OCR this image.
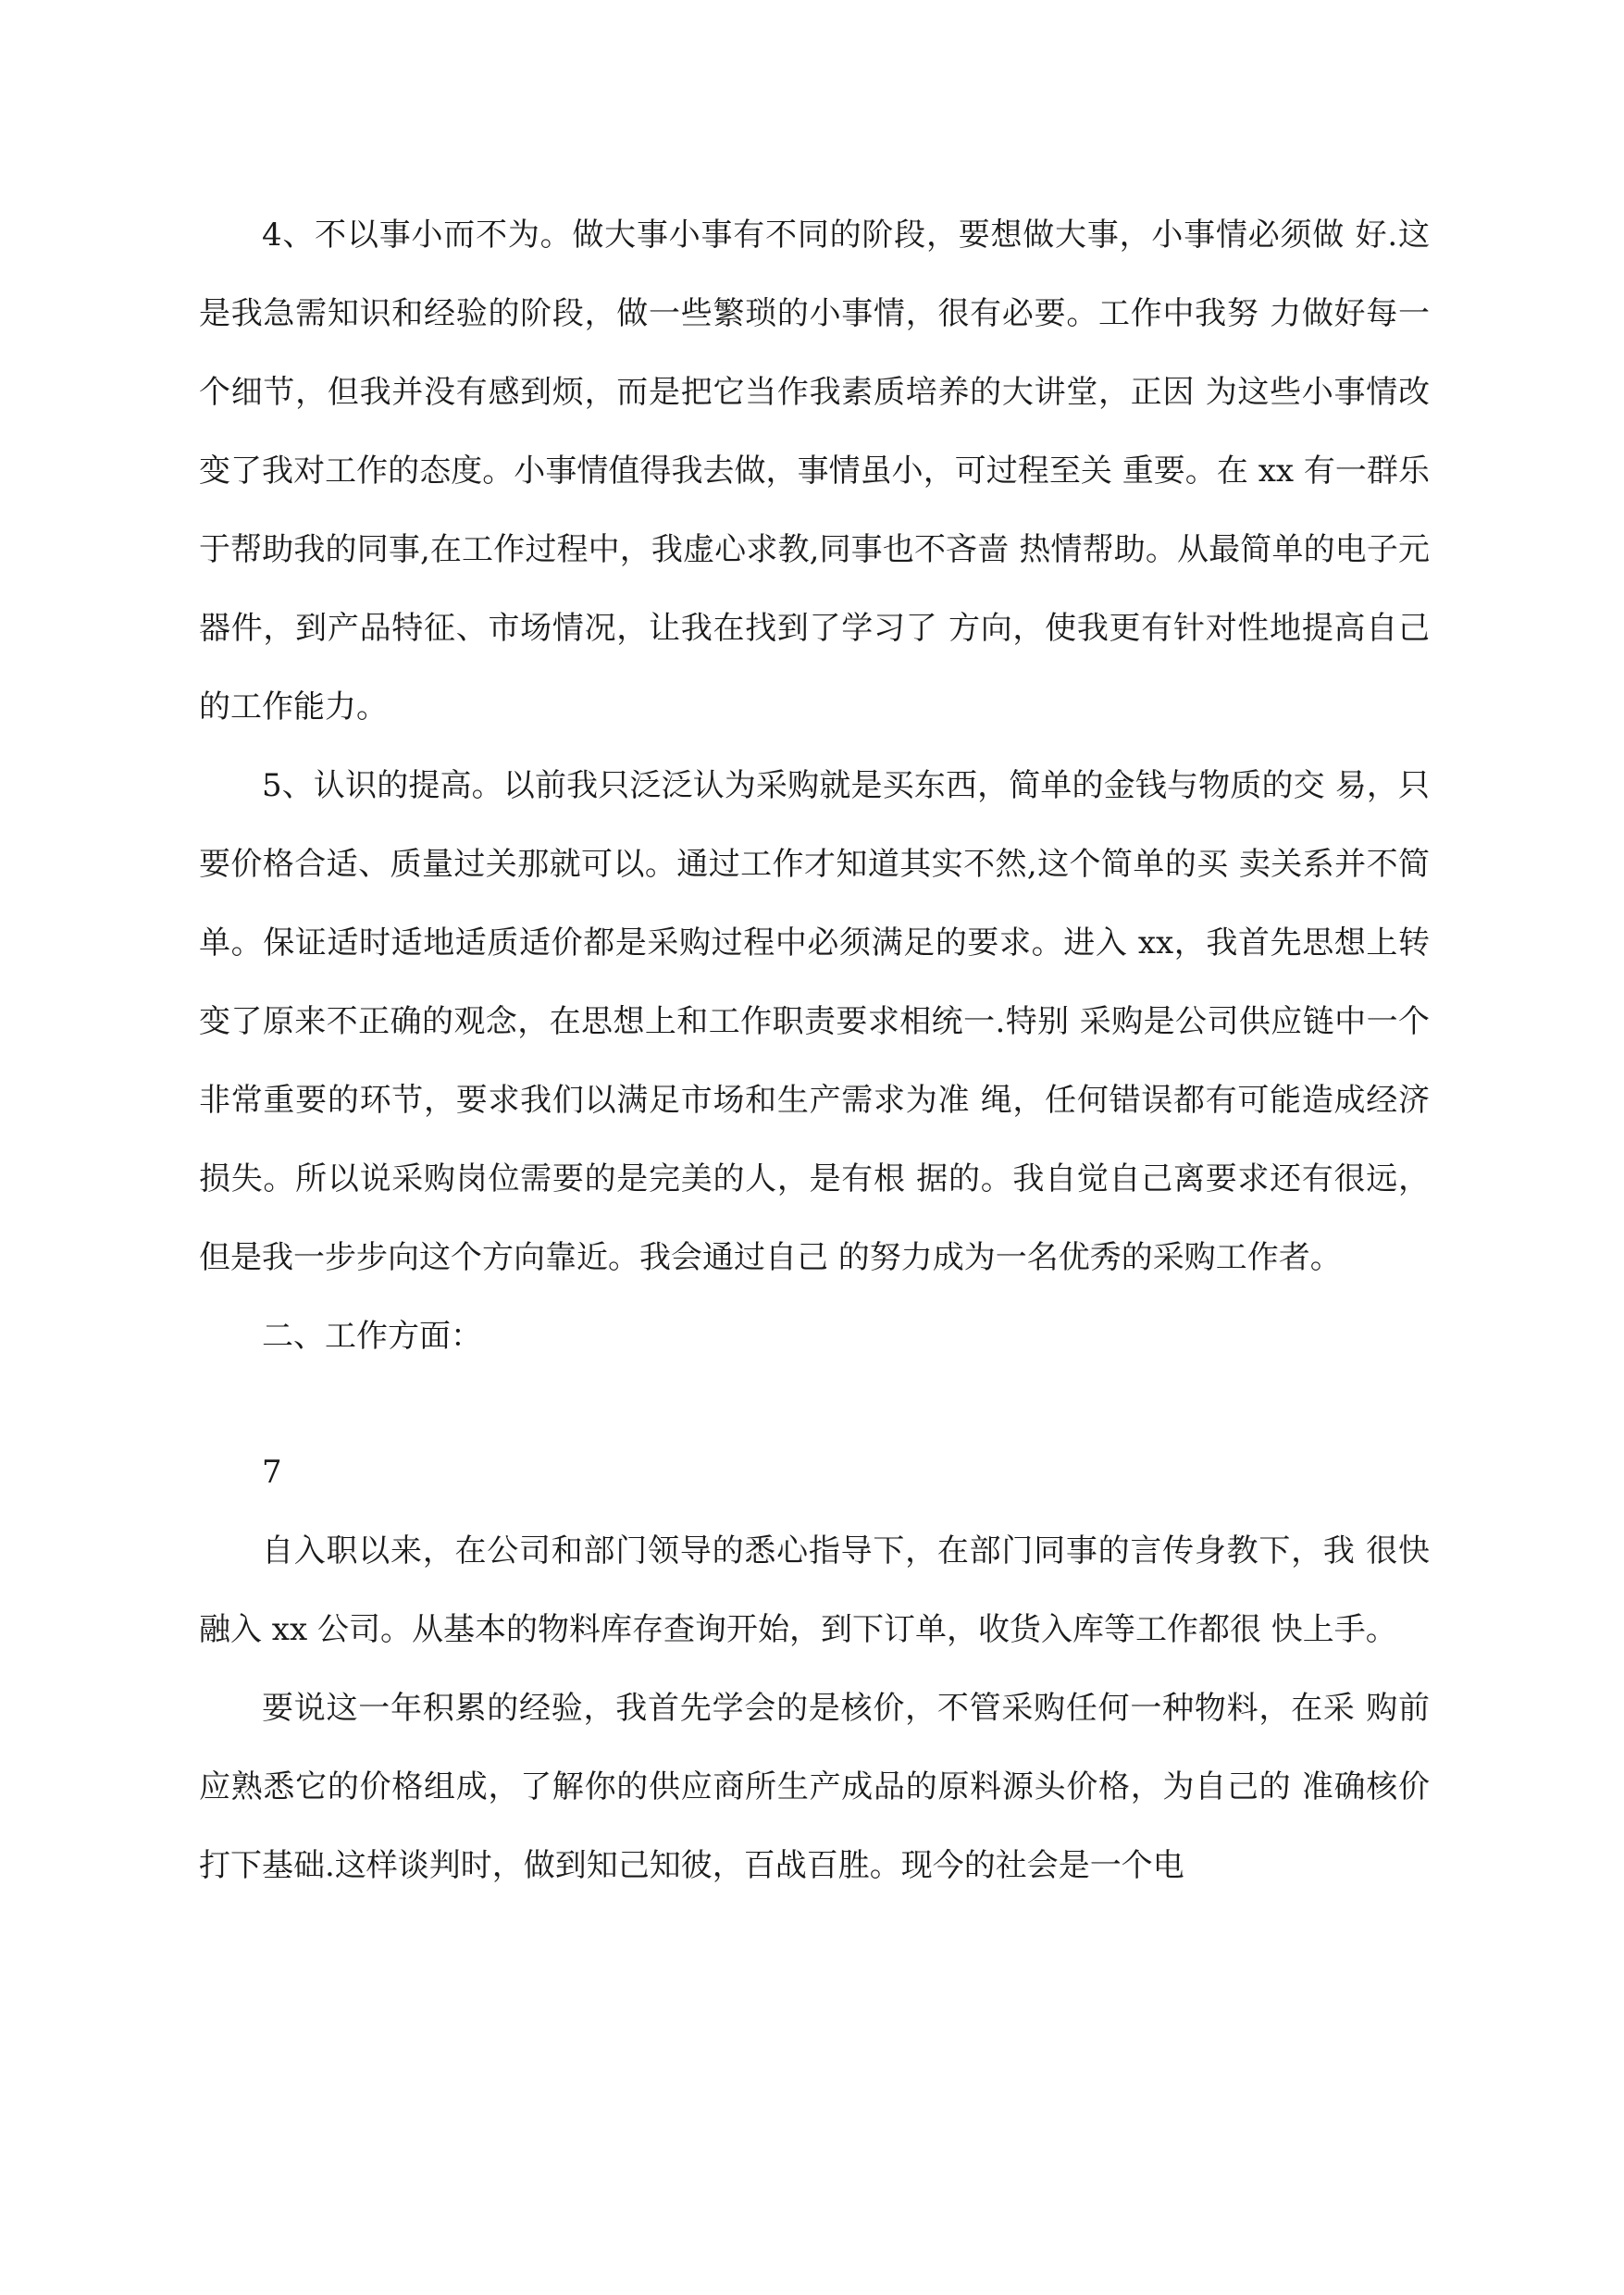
4、不以事小而不为。做大事小事有不同的阶段，要想做大事，小事情必须做 好.这是我急需知识和经验的阶段，做一些繁琐的小事情，很有必要。工作中我努 力做好每一个细节，但我并没有感到烦，而是把它当作我素质培养的大讲堂，正因 为这些小事情改变了我对工作的态度。小事情值得我去做，事情虽小，可过程至关 重要。在 xx 有一群乐于帮助我的同事,在工作过程中，我虚心求教,同事也不吝啬 热情帮助。从最简单的电子元器件，到产品特征、市场情况，让我在找到了学习了 方向，使我更有针对性地提高自己的工作能力。

5、认识的提高。以前我只泛泛认为采购就是买东西，简单的金钱与物质的交 易，只要价格合适、质量过关那就可以。通过工作才知道其实不然,这个简单的买 卖关系并不简单。保证适时适地适质适价都是采购过程中必须满足的要求。进入 xx，我首先思想上转变了原来不正确的观念，在思想上和工作职责要求相统一.特别 采购是公司供应链中一个非常重要的环节，要求我们以满足市场和生产需求为准 绳，任何错误都有可能造成经济损失。所以说采购岗位需要的是完美的人，是有根 据的。我自觉自己离要求还有很远，但是我一步步向这个方向靠近。我会通过自己 的努力成为一名优秀的采购工作者。

二、工作方面：

7

自入职以来，在公司和部门领导的悉心指导下，在部门同事的言传身教下，我 很快融入 xx 公司。从基本的物料库存查询开始，到下订单，收货入库等工作都很 快上手。

要说这一年积累的经验，我首先学会的是核价，不管采购任何一种物料，在采 购前应熟悉它的价格组成，了解你的供应商所生产成品的原料源头价格，为自己的 准确核价打下基础.这样谈判时，做到知己知彼，百战百胜。现今的社会是一个电
